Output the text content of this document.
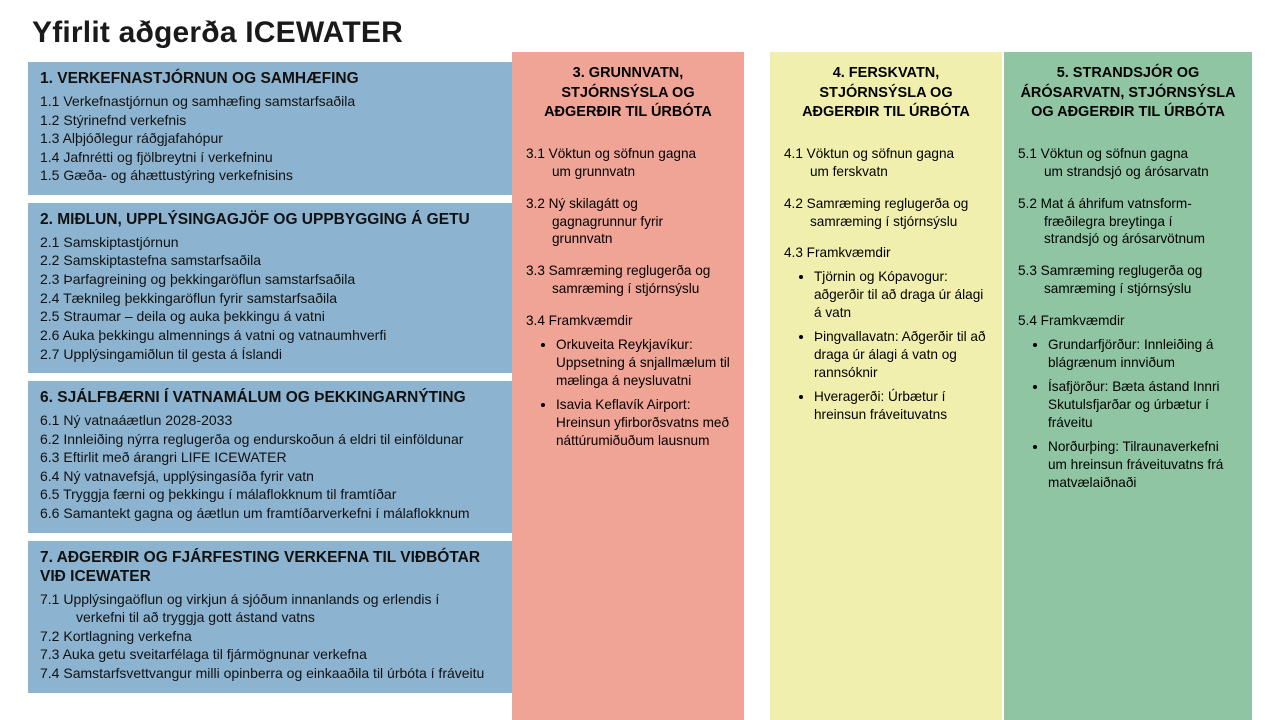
Yfirlit aðgerða ICEWATER
1. VERKEFNASTJÓRNUN OG SAMHÆFING
1.1 Verkefnastjórnun og samhæfing samstarfsaðila
1.2 Stýrinefnd verkefnis
1.3 Alþjóðlegur ráðgjafahópur
1.4 Jafnrétti og fjölbreytni í verkefninu
1.5 Gæða- og áhættustýring verkefnisins
2. MIÐLUN, UPPLÝSINGAGJÖF OG UPPBYGGING Á GETU
2.1 Samskiptastjórnun
2.2 Samskiptastefna samstarfsaðila
2.3 Þarfagreining og þekkingaröflun samstarfsaðila
2.4 Tæknileg þekkingaröflun fyrir samstarfsaðila
2.5 Straumar – deila og auka þekkingu á vatni
2.6 Auka þekkingu almennings á vatni og vatnaumhverfi
2.7 Upplýsingamiðlun til gesta á Íslandi
6. SJÁLFBÆRNI Í VATNAMÁLUM OG ÞEKKINGARNÝTING
6.1 Ný vatnaáætlun 2028-2033
6.2 Innleiðing nýrra reglugerða og endurskoðun á eldri til einföldunar
6.3 Eftirlit með árangri LIFE ICEWATER
6.4 Ný vatnavefsjá, upplýsingasíða fyrir vatn
6.5 Tryggja færni og þekkingu í málaflokknum til framtíðar
6.6 Samantekt gagna og áætlun um framtíðarverkefni í málaflokknum
7. AÐGERÐIR OG FJÁRFESTING VERKEFNA TIL VIÐBÓTAR VIÐ ICEWATER
7.1 Upplýsingaöflun og virkjun á sjóðum innanlands og erlendis í
verkefni til að tryggja gott ástand vatns
7.2 Kortlagning verkefna
7.3 Auka getu sveitarfélaga til fjármögnunar verkefna
7.4 Samstarfsvettvangur milli opinberra og einkaaðila til úrbóta í fráveitu
3. GRUNNVATN, STJÓRNSÝSLA OG AÐGERÐIR TIL ÚRBÓTA
3.1 Vöktun og söfnun gagna
um grunnvatn
3.2 Ný skilagátt og
gagnagrunnur fyrir
grunnvatn
3.3 Samræming reglugerða og
samræming í stjórnsýslu
3.4 Framkvæmdir
• Orkuveita Reykjavíkur: Uppsetning á snjallmælum til mælinga á neysluvatni
• Isavia Keflavík Airport: Hreinsun yfirborðsvatns með náttúrumiðuðum lausnum
4. FERSKVATN, STJÓRNSÝSLA OG AÐGERÐIR TIL ÚRBÓTA
4.1 Vöktun og söfnun gagna
um ferskvatn
4.2 Samræming reglugerða og
samræming í stjórnsýslu
4.3 Framkvæmdir
• Tjörnin og Kópavogur: aðgerðir til að draga úr álagi á vatn
• Þingvallavatn: Aðgerðir til að draga úr álagi á vatn og rannsóknir
• Hveragerði: Úrbætur í hreinsun fráveituvatns
5. STRANDSJÓR OG ÁRÓSARVATN, STJÓRNSÝSLA OG AÐGERÐIR TIL ÚRBÓTA
5.1 Vöktun og söfnun gagna
um strandsjó og árósarvatn
5.2 Mat á áhrifum vatnsform-
fræðilegra breytinga í
strandsjó og árósarvötnum
5.3 Samræming reglugerða og
samræming í stjórnsýslu
5.4 Framkvæmdir
• Grundarfjörður: Innleiðing á blágrænum innviðum
• Ísafjörður: Bæta ástand Innri Skutulsfjarðar og úrbætur í fráveitu
• Norðurþing: Tilraunaverkefni um hreinsun fráveituvatns frá matvælaiðnaði
